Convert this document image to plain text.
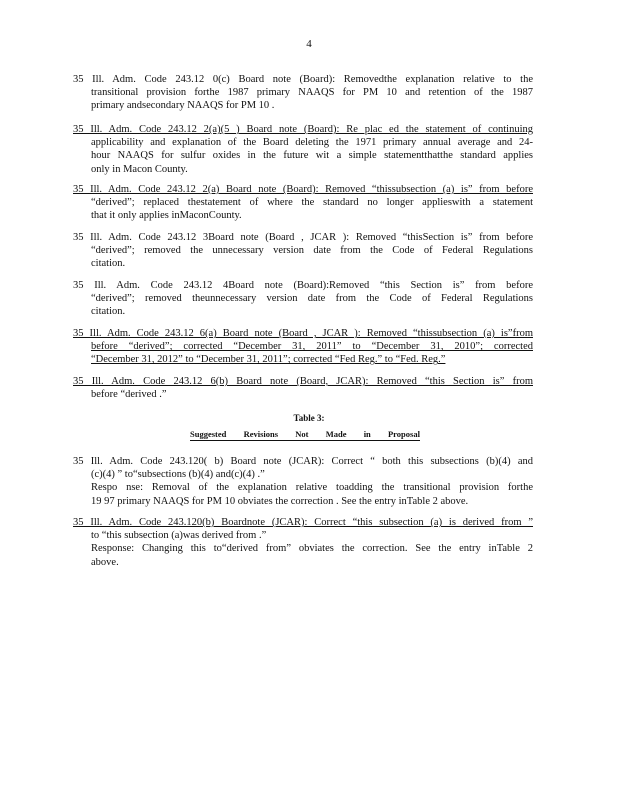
4
35 Ill. Adm. Code 243.12 0(c) Board note (Board): Removedthe explanation relative to the
transitional provision forthe 1987 primary NAAQS for PM 10 and retention of the 1987
primary andsecondary NAAQS for PM 10 .
35 Ill. Adm. Code 243.12 2(a)(5 ) Board note (Board): Re plac ed the statement of continuing
applicability and explanation of the Board deleting the 1971 primary annual average and 24-
hour NAAQS for sulfur oxides in the future wit a simple statementthatthe standard applies
only in Macon County.
35 Ill. Adm. Code 243.12 2(a) Board note (Board): Removed “thissubsection (a) is” from before
“derived”; replaced thestatement of where the standard no longer applieswith a statement
that it only applies inMaconCounty.
35 Ill. Adm. Code 243.12 3Board note (Board , JCAR ): Removed “thisSection is” from before
“derived”; removed the unnecessary version date from the Code of Federal Regulations
citation.
35 Ill. Adm. Code 243.12 4Board note (Board):Removed “this Section is” from before
“derived”; removed theunnecessary version date from the Code of Federal Regulations
citation.
35 Ill. Adm. Code 243.12 6(a) Board note (Board , JCAR ): Removed “thissubsection (a) is”from
before “derived”; corrected “December 31, 2011” to “December 31, 2010”; corrected
“December 31, 2012” to “December 31, 2011”; corrected “Fed Reg.” to “Fed. Reg.”
35 Ill. Adm. Code 243.12 6(b) Board note (Board, JCAR): Removed “this Section is” from
before “derived .”
Table 3:
Suggested Revisions Not Made in Proposal
35 Ill. Adm. Code 243.120( b) Board note (JCAR): Correct “ both this subsections (b)(4) and
(c)(4) ” to“subsections (b)(4) and(c)(4) .”
Respo nse: Removal of the explanation relative toadding the transitional provision forthe
19 97 primary NAAQS for PM 10 obviates the correction . See the entry inTable 2 above.
35 Ill. Adm. Code 243.120(b) Boardnote (JCAR): Correct “this subsection (a) is derived from ”
to “this subsection (a)was derived from .”
Response: Changing this to“derived from” obviates the correction. See the entry inTable 2
above.
